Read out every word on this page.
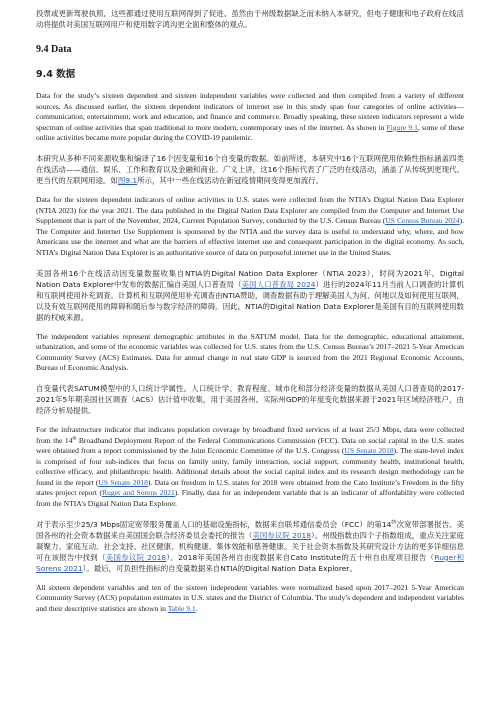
投票或更新驾驶执照，这些都通过使用互联网得到了促进。虽然由于州级数据缺乏而未纳入本研究，但电子健康和电子政府在线活动将提供对美国互联网用户和使用数字鸿沟更全面和整体的观点。

9.4 Data
9.4 数据

Data for the study’s sixteen dependent and sixteen independent variables were collected and then compiled from a variety of different sources. As discussed earlier, the sixteen dependent indicators of internet use in this study span four categories of online activities—communication, entertainment, work and education, and finance and commerce. Broadly speaking, these sixteen indicators represent a wide spectrum of online activities that span traditional to more modern, contemporary uses of the internet. As shown in Figure 9.1, some of these online activities became more popular during the COVID-19 pandemic.

本研究从多种不同来源收集和编译了16个因变量和16个自变量的数据。如前所述，本研究中16个互联网使用依赖性指标涵盖四类在线活动——通信、娱乐、工作和教育以及金融和商业。广义上讲，这16个指标代表了广泛的在线活动，涵盖了从传统到更现代、更当代的互联网用途。如图9.1所示，其中一些在线活动在新冠疫情期间变得更加流行。

Data for the sixteen dependent indicators of online activities in U.S. states were collected from the NTIA’s Digital Nation Data Explorer (NTIA 2023) for the year 2021. The data published in the Digital Nation Data Explorer are compiled from the Computer and Internet Use Supplement that is part of the November, 2024, Current Population Survey, conducted by the U.S. Census Bureau (US Census Bureau 2024). The Computer and Internet Use Supplement is sponsored by the NTIA and the survey data is useful to understand why, where, and how Americans use the internet and what are the barriers of effective internet use and consequent participation in the digital economy. As such, NTIA’s Digital Nation Data Explorer is an authoritative source of data on purposeful internet use in the United States.

美国各州16个在线活动因变量数据收集自NTIA的Digital Nation Data Explorer（NTIA 2023），时间为2021年。Digital Nation Data Explorer中发布的数据汇编自美国人口普查局（美国人口普查局 2024）进行的2024年11月当前人口调查的计算机和互联网使用补充调查。计算机和互联网使用补充调查由NTIA赞助，调查数据有助于理解美国人为何、何地以及如何使用互联网，以及有效互联网使用的障碍和随后参与数字经济的障碍。因此，NTIA的Digital Nation Data Explorer是美国有目的互联网使用数据的权威来源。

The independent variables represent demographic attributes in the SATUM model. Data for the demographic, educational attainment, urbanization, and some of the economic variables was collected for U.S. states from the U.S. Census Bureau’s 2017–2021 5-Year American Community Survey (ACS) Estimates. Data for annual change in real state GDP is sourced from the 2021 Regional Economic Accounts, Bureau of Economic Analysis.

自变量代表SATUM模型中的人口统计学属性。人口统计学、教育程度、城市化和部分经济变量的数据从美国人口普查局的2017-2021年5年期美国社区调查（ACS）估计值中收集，用于美国各州。实际州GDP的年度变化数据来源于2021年区域经济账户，由经济分析局提供。

For the infrastructure indicator that indicates population coverage by broadband fixed services of at least 25/3 Mbps, data were collected from the 14th Broadband Deployment Report of the Federal Communications Commission (FCC). Data on social capital in the U.S. states were obtained from a report commissioned by the Joint Economic Committee of the U.S. Congress (US Senate 2018). The state-level index is comprised of four sub-indices that focus on family unity, family interaction, social support, community health, institutional health, collective efficacy, and philanthropic health. Additional details about the social capital index and its research design methodology can be found in the report (US Senate 2018). Data on freedom in U.S. states for 2018 were obtained from the Cato Institute’s Freedom in the fifty states project report (Ruger and Sorens 2021). Finally, data for an independent variable that is an indicator of affordability were collected from the NTIA’s Digital Nation Data Explorer.

对于表示至少25/3 Mbps固定宽带服务覆盖人口的基础设施指标，数据来自联邦通信委员会（FCC）的第14th次宽带部署报告。美国各州的社会资本数据来自美国国会联合经济委员会委托的报告（美国参议院 2018）。州级指数由四个子指数组成，重点关注家庭凝聚力、家庭互动、社会支持、社区健康、机构健康、集体效能和慈善健康。关于社会资本指数及其研究设计方法的更多详细信息可在该报告中找到（美国参议院 2018）。2018年美国各州自由度数据来自Cato Institute的五十州自由度项目报告（Ruger和Sorens 2021）。最后，可负担性指标的自变量数据来自NTIA的Digital Nation Data Explorer。

All sixteen dependent variables and ten of the sixteen independent variables were normalized based upon 2017–2021 5-Year American Community Survey (ACS) population estimates in U.S. states and the District of Columbia. The study’s dependent and independent variables and their descriptive statistics are shown in Table 9.1.
